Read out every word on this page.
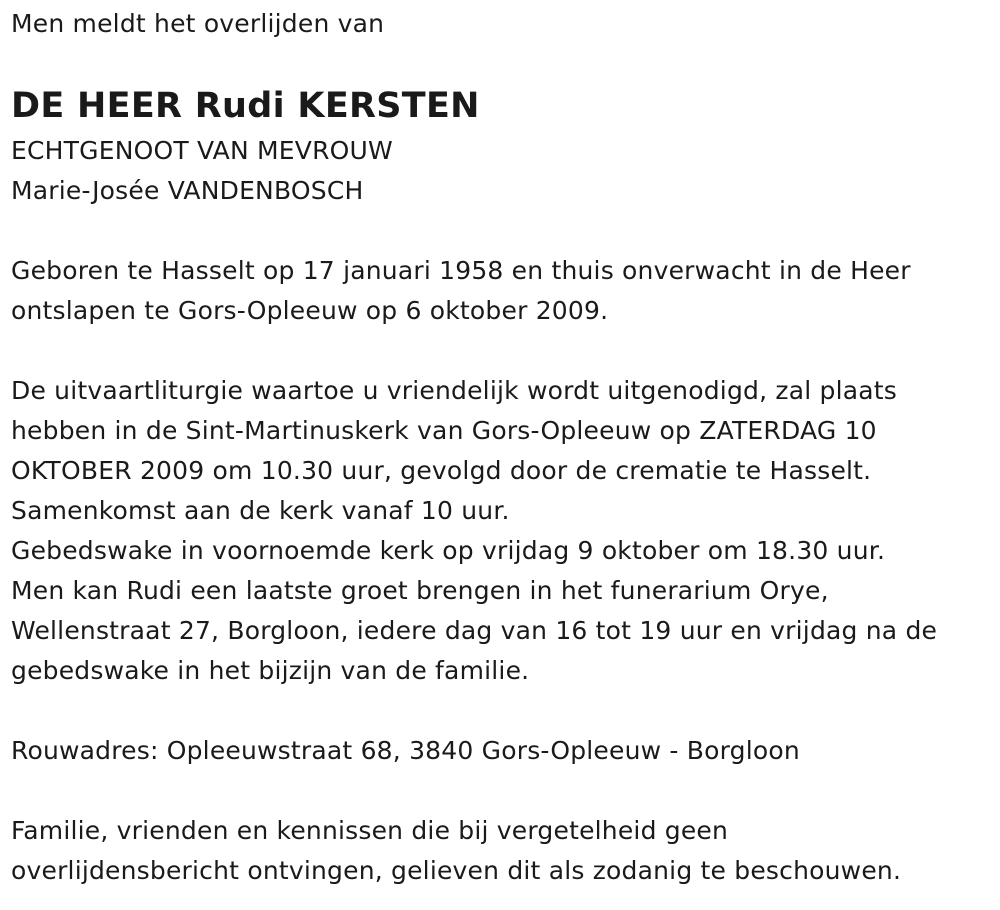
Men meldt het overlijden van
DE HEER Rudi KERSTEN
ECHTGENOOT VAN MEVROUW
Marie-Josée VANDENBOSCH
Geboren te Hasselt op 17 januari 1958 en thuis onverwacht in de Heer
ontslapen te Gors-Opleeuw op 6 oktober 2009.
De uitvaartliturgie waartoe u vriendelijk wordt uitgenodigd, zal plaats
hebben in de Sint-Martinuskerk van Gors-Opleeuw op ZATERDAG 10
OKTOBER 2009 om 10.30 uur, gevolgd door de crematie te Hasselt.
Samenkomst aan de kerk vanaf 10 uur.
Gebedswake in voornoemde kerk op vrijdag 9 oktober om 18.30 uur.
Men kan Rudi een laatste groet brengen in het funerarium Orye,
Wellenstraat 27, Borgloon, iedere dag van 16 tot 19 uur en vrijdag na de
gebedswake in het bijzijn van de familie.
Rouwadres: Opleeuwstraat 68, 3840 Gors-Opleeuw - Borgloon
Familie, vrienden en kennissen die bij vergetelheid geen
overlijdensbericht ontvingen, gelieven dit als zodanig te beschouwen.
